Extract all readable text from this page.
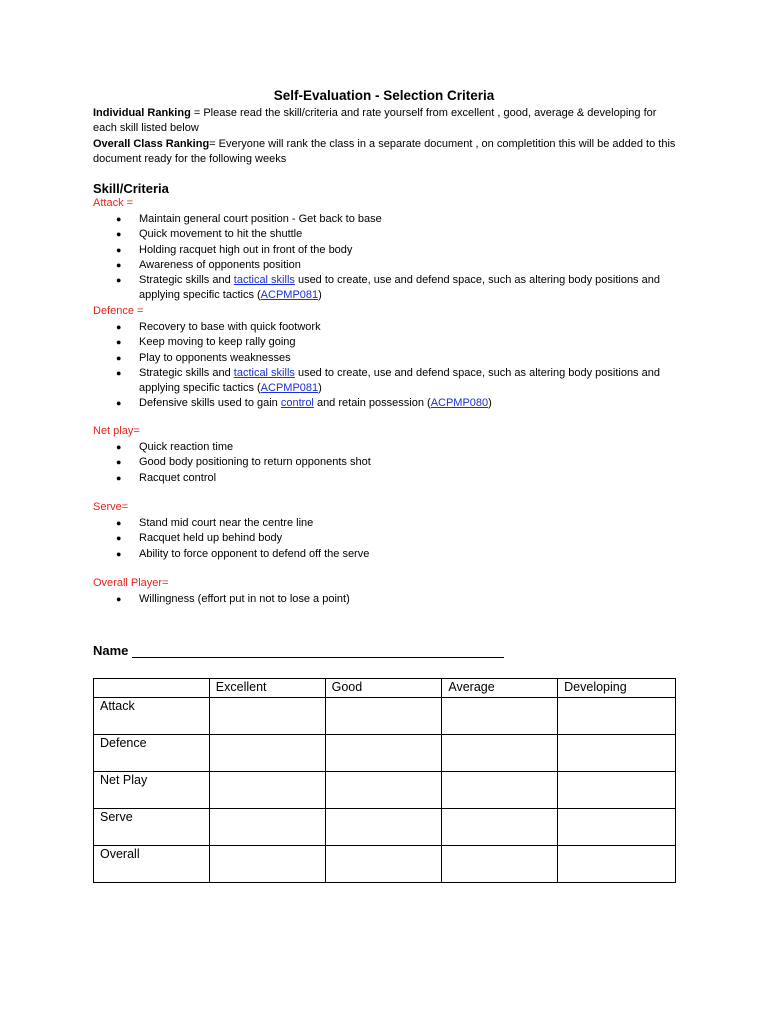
Self-Evaluation - Selection Criteria
Individual Ranking = Please read the skill/criteria and rate yourself from excellent , good, average & developing for each skill listed below
Overall Class Ranking= Everyone will rank the class in a separate document , on completition this will be added to this document ready for the following weeks
Skill/Criteria
Attack =
● Maintain general court position - Get back to base
● Quick movement to hit the shuttle
● Holding racquet high out in front of the body
● Awareness of opponents position
● Strategic skills and tactical skills used to create, use and defend space, such as altering body positions and applying specific tactics (ACPMP081)
Defence =
● Recovery to base with quick footwork
● Keep moving to keep rally going
● Play to opponents weaknesses
● Strategic skills and tactical skills used to create, use and defend space, such as altering body positions and applying specific tactics (ACPMP081)
● Defensive skills used to gain control and retain possession (ACPMP080)
Net play=
● Quick reaction time
● Good body positioning to return opponents shot
● Racquet control
Serve=
● Stand mid court near the centre line
● Racquet held up behind body
● Ability to force opponent to defend off the serve
Overall Player=
● Willingness (effort put in not to lose a point)
Name
	Excellent	Good	Average	Developing
Attack				
Defence				
Net Play				
Serve				
Overall				
